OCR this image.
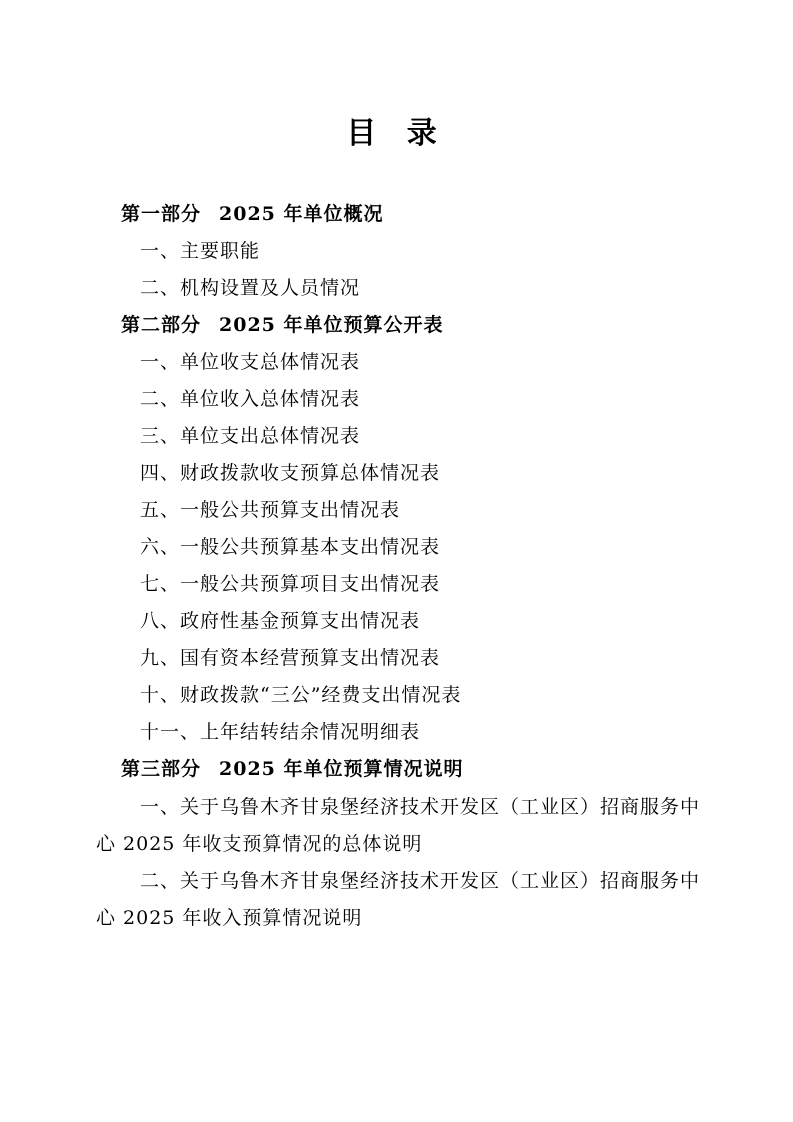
目 录
第一部分 2025 年单位概况
一、主要职能
二、机构设置及人员情况
第二部分 2025 年单位预算公开表
一、单位收支总体情况表
二、单位收入总体情况表
三、单位支出总体情况表
四、财政拨款收支预算总体情况表
五、一般公共预算支出情况表
六、一般公共预算基本支出情况表
七、一般公共预算项目支出情况表
八、政府性基金预算支出情况表
九、国有资本经营预算支出情况表
十、财政拨款“三公”经费支出情况表
十一、上年结转结余情况明细表
第三部分 2025 年单位预算情况说明
一、关于乌鲁木齐甘泉堡经济技术开发区（工业区）招商服务中心 2025 年收支预算情况的总体说明
二、关于乌鲁木齐甘泉堡经济技术开发区（工业区）招商服务中心 2025 年收入预算情况说明
